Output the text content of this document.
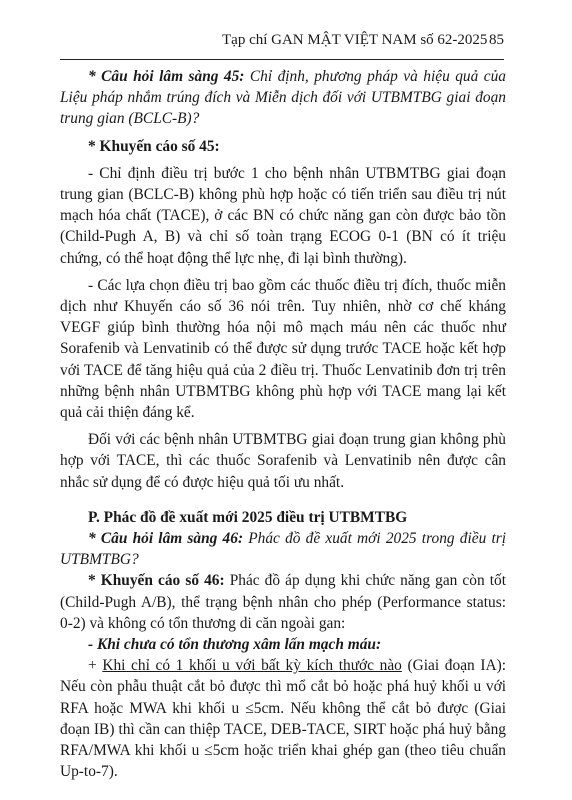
Tạp chí GAN MẬT VIỆT NAM số 62-2025 85

* Câu hỏi lâm sàng 45: Chỉ định, phương pháp và hiệu quả của Liệu pháp nhắm trúng đích và Miễn dịch đối với UTBMTBG giai đoạn trung gian (BCLC-B)?

* Khuyến cáo số 45:

- Chỉ định điều trị bước 1 cho bệnh nhân UTBMTBG giai đoạn trung gian (BCLC-B) không phù hợp hoặc có tiến triển sau điều trị nút mạch hóa chất (TACE), ở các BN có chức năng gan còn được bảo tồn (Child-Pugh A, B) và chỉ số toàn trạng ECOG 0-1 (BN có ít triệu chứng, có thể hoạt động thể lực nhẹ, đi lại bình thường).

- Các lựa chọn điều trị bao gồm các thuốc điều trị đích, thuốc miễn dịch như Khuyến cáo số 36 nói trên. Tuy nhiên, nhờ cơ chế kháng VEGF giúp bình thường hóa nội mô mạch máu nên các thuốc như Sorafenib và Lenvatinib có thể được sử dụng trước TACE hoặc kết hợp với TACE để tăng hiệu quả của 2 điều trị. Thuốc Lenvatinib đơn trị trên những bệnh nhân UTBMTBG không phù hợp với TACE mang lại kết quả cải thiện đáng kể.

Đối với các bệnh nhân UTBMTBG giai đoạn trung gian không phù hợp với TACE, thì các thuốc Sorafenib và Lenvatinib nên được cân nhắc sử dụng để có được hiệu quả tối ưu nhất.

P. Phác đồ đề xuất mới 2025 điều trị UTBMTBG

* Câu hỏi lâm sàng 46: Phác đồ đề xuất mới 2025 trong điều trị UTBMTBG?

* Khuyến cáo số 46: Phác đồ áp dụng khi chức năng gan còn tốt (Child-Pugh A/B), thể trạng bệnh nhân cho phép (Performance status: 0-2) và không có tổn thương di căn ngoài gan:

- Khi chưa có tổn thương xâm lấn mạch máu:

+ Khi chỉ có 1 khối u với bất kỳ kích thước nào (Giai đoạn IA): Nếu còn phẫu thuật cắt bỏ được thì mổ cắt bỏ hoặc phá huỷ khối u với RFA hoặc MWA khi khối u ≤5cm. Nếu không thể cắt bỏ được (Giai đoạn IB) thì cần can thiệp TACE, DEB-TACE, SIRT hoặc phá huỷ bằng RFA/MWA khi khối u ≤5cm hoặc triển khai ghép gan (theo tiêu chuẩn Up-to-7).
